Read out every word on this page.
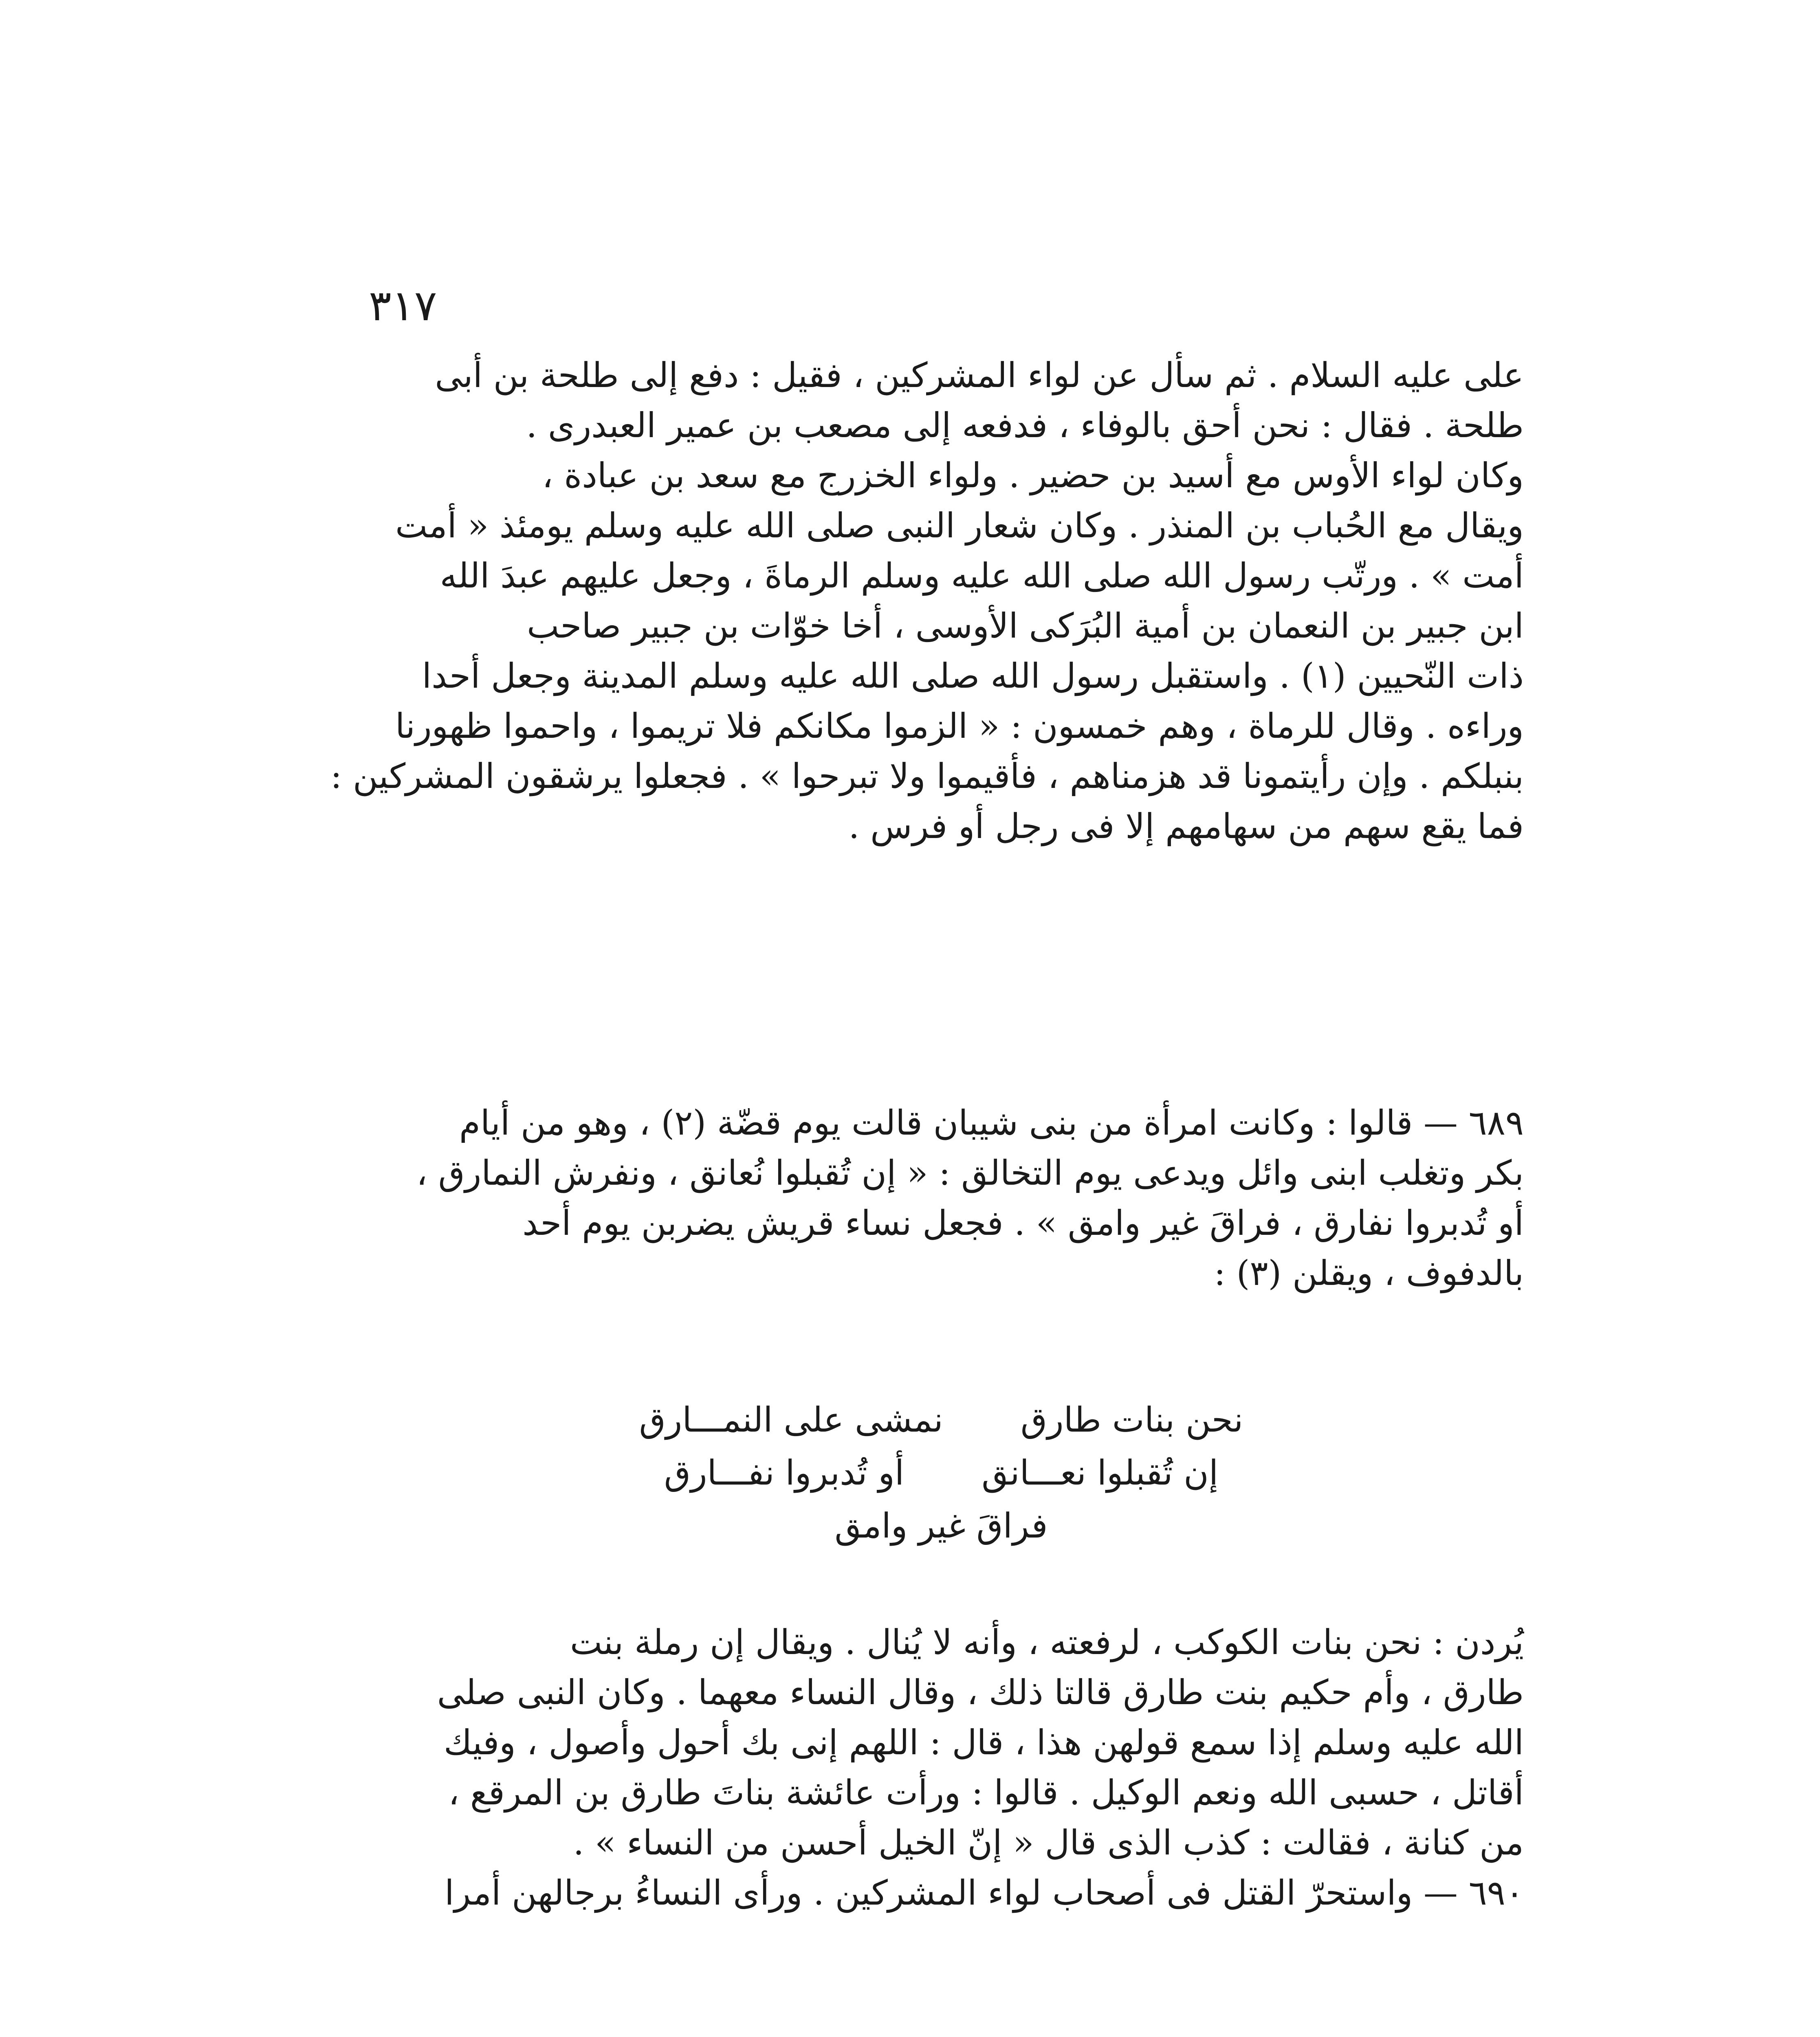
٣١٧
على عليه السلام . ثم سأل عن لواء المشركين ، فقيل : دفع إلى طلحة بن أبى
طلحة . فقال : نحن أحق بالوفاء ، فدفعه إلى مصعب بن عمير العبدرى .
وكان لواء الأوس مع أسيد بن حضير . ولواء الخزرج مع سعد بن عبادة ،
ويقال مع الحُباب بن المنذر . وكان شعار النبى صلى الله عليه وسلم يومئذ « أمت
أمت » . ورتّب رسول الله صلى الله عليه وسلم الرماةَ ، وجعل عليهم عبدَ الله
ابن جبير بن النعمان بن أمية البُرَكى الأوسى ، أخا خوّات بن جبير صاحب
ذات النّحيين (١) . واستقبل رسول الله صلى الله عليه وسلم المدينة وجعل أحدا
وراءه . وقال للرماة ، وهم خمسون : « الزموا مكانكم فلا تريموا ، واحموا ظهورنا
بنبلكم . وإن رأيتمونا قد هزمناهم ، فأقيموا ولا تبرحوا » . فجعلوا يرشقون المشركين :
فما يقع سهم من سهامهم إلا فى رجل أو فرس .
٦٨٩ — قالوا : وكانت امرأة من بنى شيبان قالت يوم قضّة (٢) ، وهو من أيام
بكر وتغلب ابنى وائل ويدعى يوم التخالق : « إن تُقبلوا نُعانق ، ونفرش النمارق ،
أو تُدبروا نفارق ، فراقَ غير وامق » . فجعل نساء قريش يضربن يوم أحد
بالدفوف ، ويقلن (٣) :
نحن بنات طارق
نمشى على النمـــارق
إن تُقبلوا نعـــانق
أو تُدبروا نفـــارق
فراقَ غير وامق
يُردن : نحن بنات الكوكب ، لرفعته ، وأنه لا يُنال . ويقال إن رملة بنت
طارق ، وأم حكيم بنت طارق قالتا ذلك ، وقال النساء معهما . وكان النبى صلى
الله عليه وسلم إذا سمع قولهن هذا ، قال : اللهم إنى بك أحول وأصول ، وفيك
أقاتل ، حسبى الله ونعم الوكيل . قالوا : ورأت عائشة بناتَ طارق بن المرقع ،
من كنانة ، فقالت : كذب الذى قال « إنّ الخيل أحسن من النساء » .
٦٩٠ — واستحرّ القتل فى أصحاب لواء المشركين . ورأى النساءُ برجالهن أمرا
